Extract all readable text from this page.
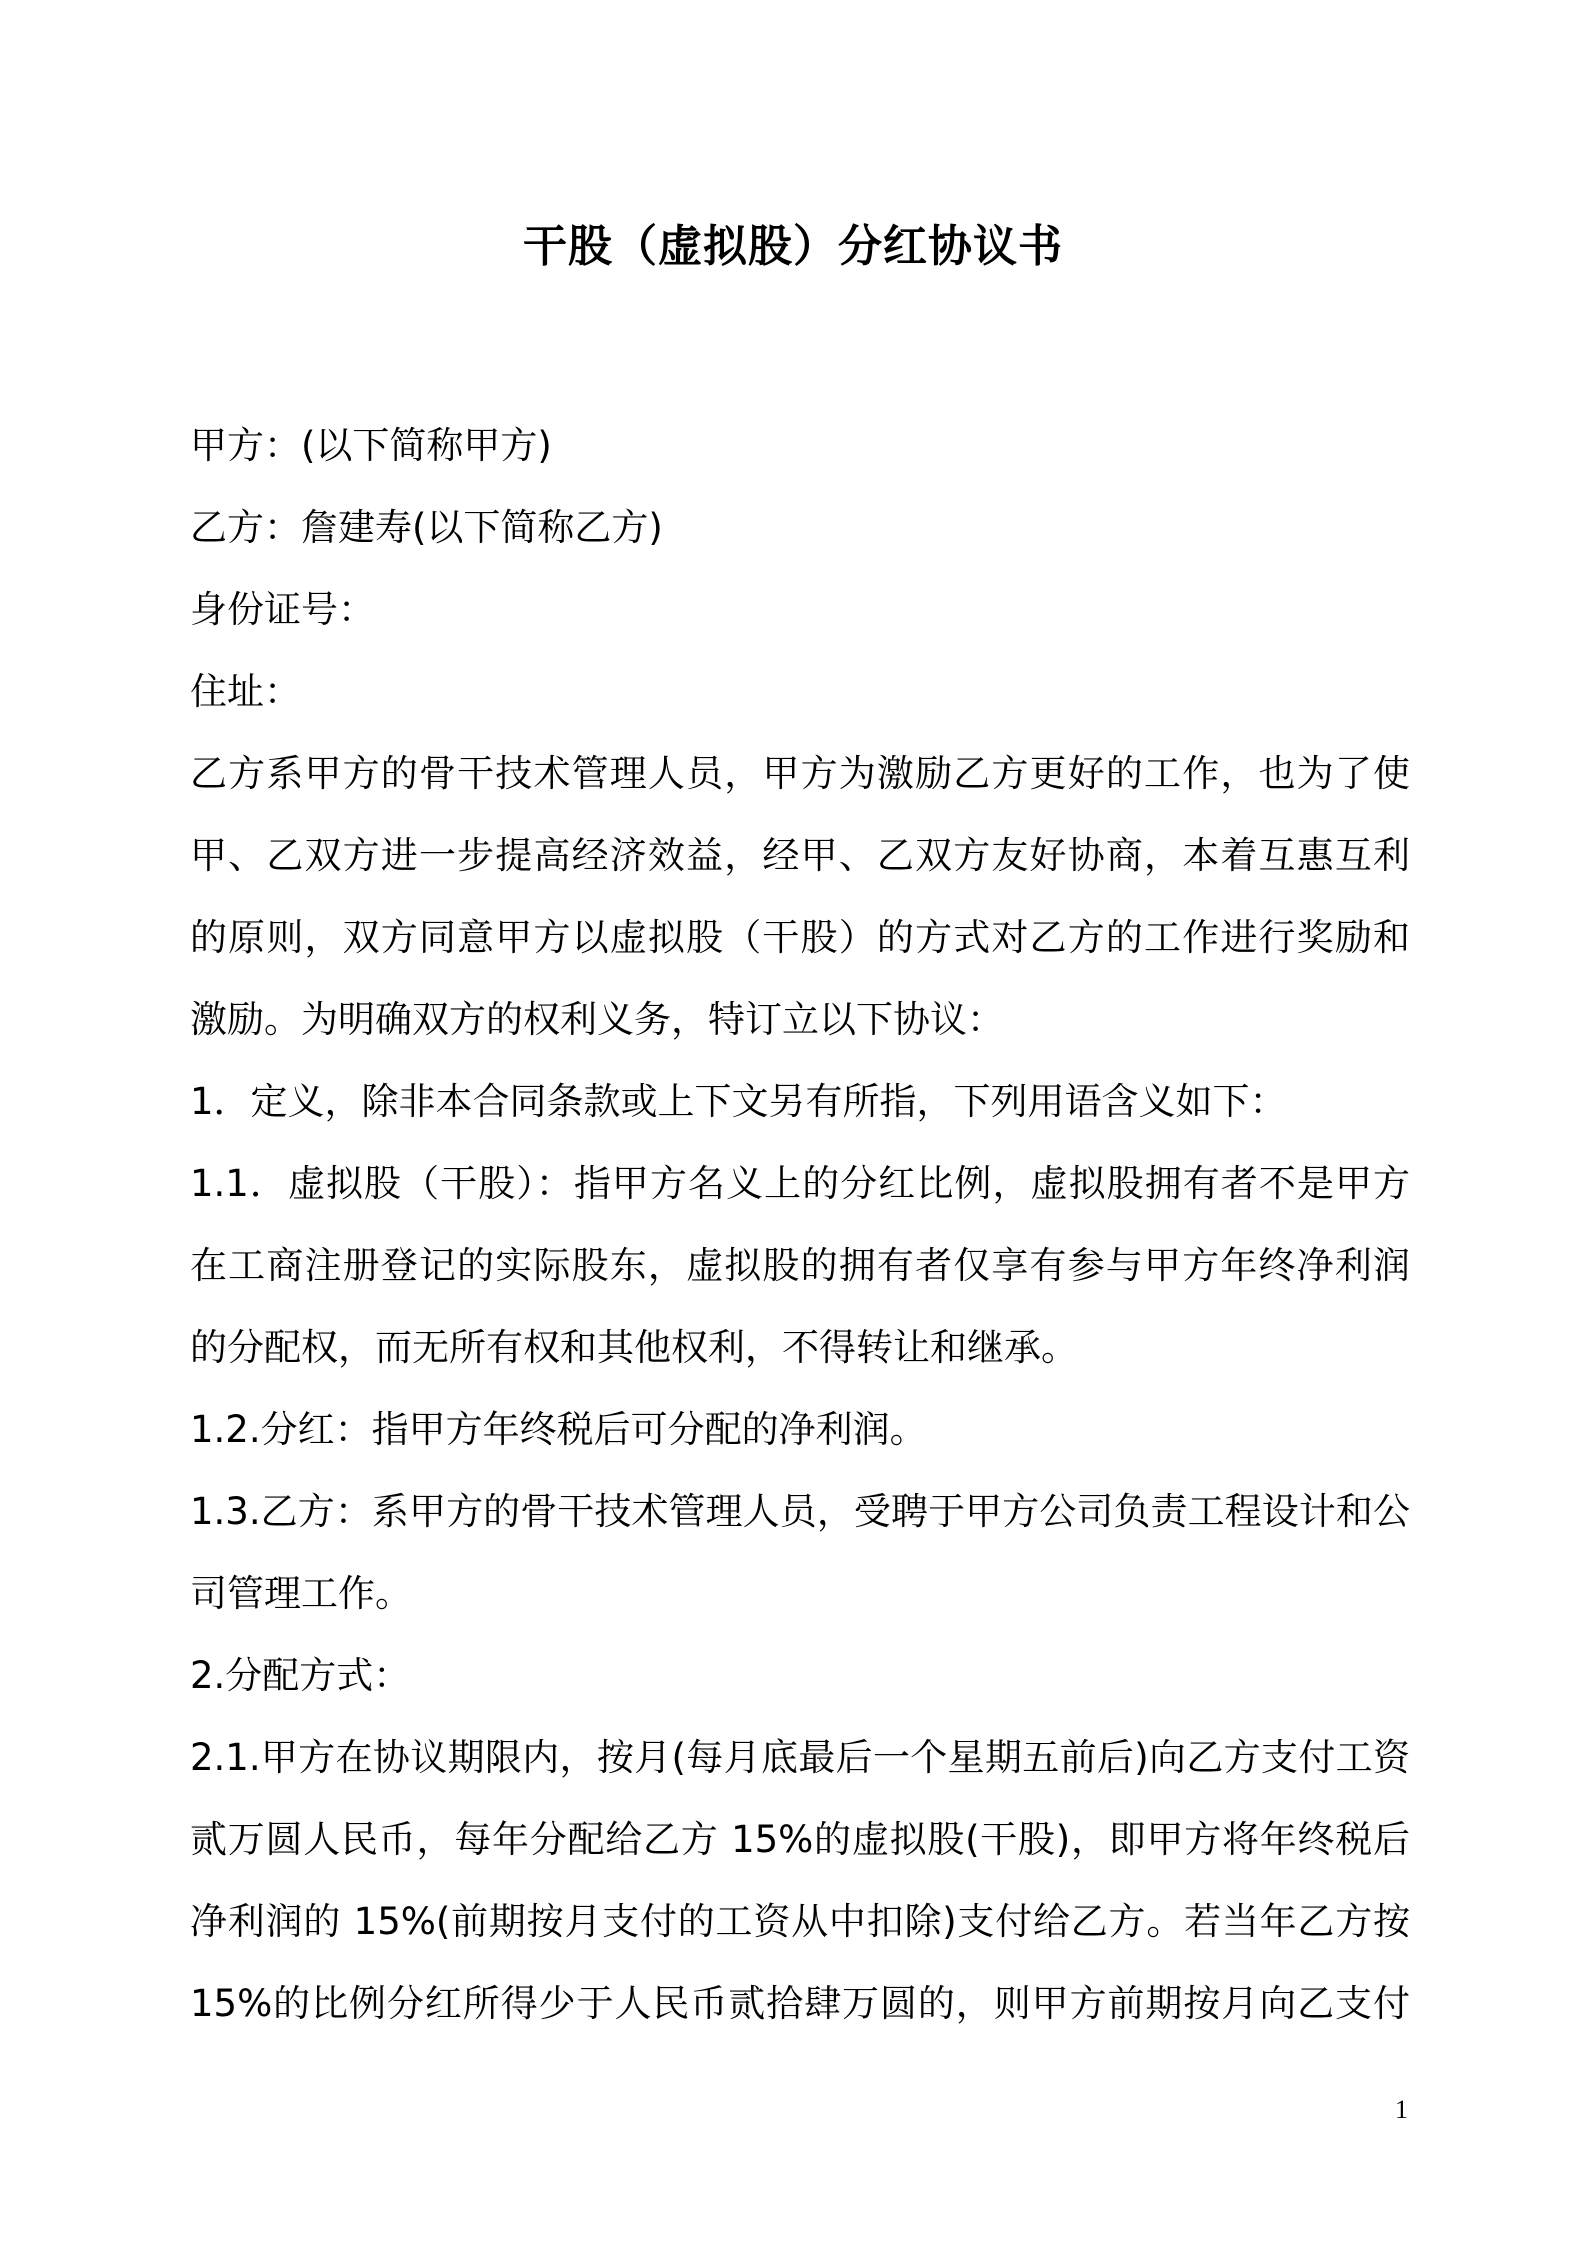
干股（虚拟股）分红协议书
甲方：(以下简称甲方)
乙方：詹建寿(以下简称乙方)
身份证号：
住址：
乙方系甲方的骨干技术管理人员，甲方为激励乙方更好的工作，也为了使
甲、乙双方进一步提高经济效益，经甲、乙双方友好协商，本着互惠互利
的原则，双方同意甲方以虚拟股（干股）的方式对乙方的工作进行奖励和
激励。为明确双方的权利义务，特订立以下协议：
1．定义，除非本合同条款或上下文另有所指，下列用语含义如下：
1.1．虚拟股（干股）：指甲方名义上的分红比例，虚拟股拥有者不是甲方
在工商注册登记的实际股东，虚拟股的拥有者仅享有参与甲方年终净利润
的分配权，而无所有权和其他权利，不得转让和继承。
1.2.分红：指甲方年终税后可分配的净利润。
1.3.乙方：系甲方的骨干技术管理人员，受聘于甲方公司负责工程设计和公
司管理工作。
2.分配方式：
2.1.甲方在协议期限内，按月(每月底最后一个星期五前后)向乙方支付工资
贰万圆人民币，每年分配给乙方 15%的虚拟股(干股)，即甲方将年终税后
净利润的 15%(前期按月支付的工资从中扣除)支付给乙方。若当年乙方按
15%的比例分红所得少于人民币贰拾肆万圆的，则甲方前期按月向乙支付
1
